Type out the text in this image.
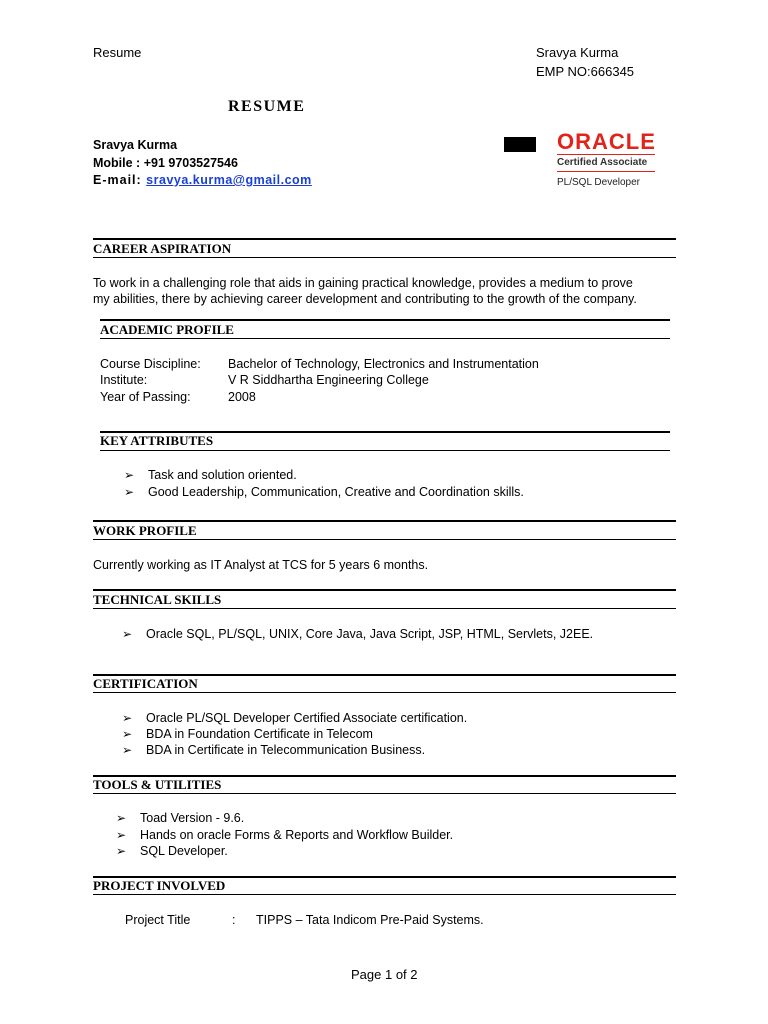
Resume	Sravya Kurma
EMP NO:666345
RESUME
Sravya Kurma
Mobile : +91 9703527546
E-mail: sravya.kurma@gmail.com
ORACLE
Certified Associate
PL/SQL Developer
CAREER ASPIRATION
To work in a challenging role that aids in gaining practical knowledge, provides a medium to prove
my abilities, there by achieving career development and contributing to the growth of the company.
ACADEMIC PROFILE
Course Discipline: Bachelor of Technology, Electronics and Instrumentation
Institute:	V R Siddhartha Engineering College
Year of Passing:	2008
KEY ATTRIBUTES
➢ Task and solution oriented.
➢ Good Leadership, Communication, Creative and Coordination skills.
WORK PROFILE
Currently working as IT Analyst at TCS for 5 years 6 months.
TECHNICAL SKILLS
➢ Oracle SQL, PL/SQL, UNIX, Core Java, Java Script, JSP, HTML, Servlets, J2EE.
CERTIFICATION
➢ Oracle PL/SQL Developer Certified Associate certification.
➢ BDA in Foundation Certificate in Telecom
➢ BDA in Certificate in Telecommunication Business.
TOOLS & UTILITIES
➢ Toad Version - 9.6.
➢ Hands on oracle Forms & Reports and Workflow Builder.
➢ SQL Developer.
PROJECT INVOLVED
Project Title	: TIPPS – Tata Indicom Pre-Paid Systems.
Page 1 of 2
